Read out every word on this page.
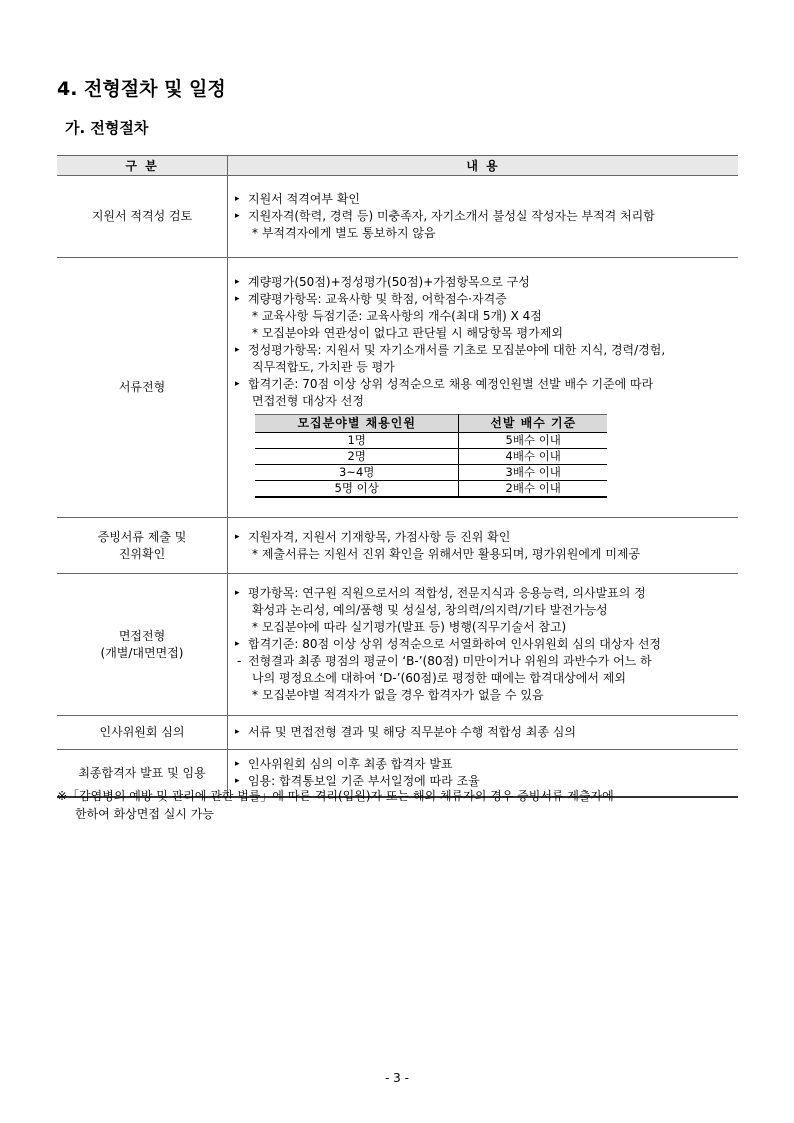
4. 전형절차 및 일정
가. 전형절차
구 분	내 용

지원서 적격성 검토

▸ 지원서 적격여부 확인
▸ 지원자격(학력, 경력 등) 미충족자, 자기소개서 불성실 작성자는 부적격 처리함
* 부적격자에게 별도 통보하지 않음

서류전형

▸ 계량평가(50점)+정성평가(50점)+가점항목으로 구성
▸ 계량평가항목: 교육사항 및 학점, 어학점수·자격증
* 교육사항 득점기준: 교육사항의 개수(최대 5개) X 4점
* 모집분야와 연관성이 없다고 판단될 시 해당항목 평가제외
▸ 정성평가항목: 지원서 및 자기소개서를 기초로 모집분야에 대한 지식, 경력/경험,
직무적합도, 가치관 등 평가
▸ 합격기준: 70점 이상 상위 성적순으로 채용 예정인원별 선발 배수 기준에 따라
면접전형 대상자 선정
모집분야별 채용인원	선발 배수 기준
1명	5배수 이내
2명	4배수 이내
3~4명	3배수 이내
5명 이상	2배수 이내

증빙서류 제출 및
진위확인

▸ 지원자격, 지원서 기재항목, 가점사항 등 진위 확인
* 제출서류는 지원서 진위 확인을 위해서만 활용되며, 평가위원에게 미제공

면접전형
(개별/대면면접)

▸ 평가항목: 연구원 직원으로서의 적합성, 전문지식과 응용능력, 의사발표의 정
확성과 논리성, 예의/품행 및 성실성, 창의력/의지력/기타 발전가능성
* 모집분야에 따라 실기평가(발표 등) 병행(직무기술서 참고)
▸ 합격기준: 80점 이상 상위 성적순으로 서열화하여 인사위원회 심의 대상자 선정
- 전형결과 최종 평점의 평균이 ‘B-’(80점) 미만이거나 위원의 과반수가 어느 하
나의 평정요소에 대하여 ‘D-’(60점)로 평정한 때에는 합격대상에서 제외
* 모집분야별 적격자가 없을 경우 합격자가 없을 수 있음

인사위원회 심의

▸서류 및 면접전형 결과 및 해당 직무분야 수행 적합성 최종 심의

최종합격자 발표 및 임용

▸ 인사위원회 심의 이후 최종 합격자 발표
▸ 임용: 합격통보일 기준 부서일정에 따라 조율
※「감염병의 예방 및 관리에 관한 법률」에 따른 격리(입원)자 또는 해외 체류자의 경우 증빙서류 제출자에
한하여 화상면접 실시 가능
- 3 -
